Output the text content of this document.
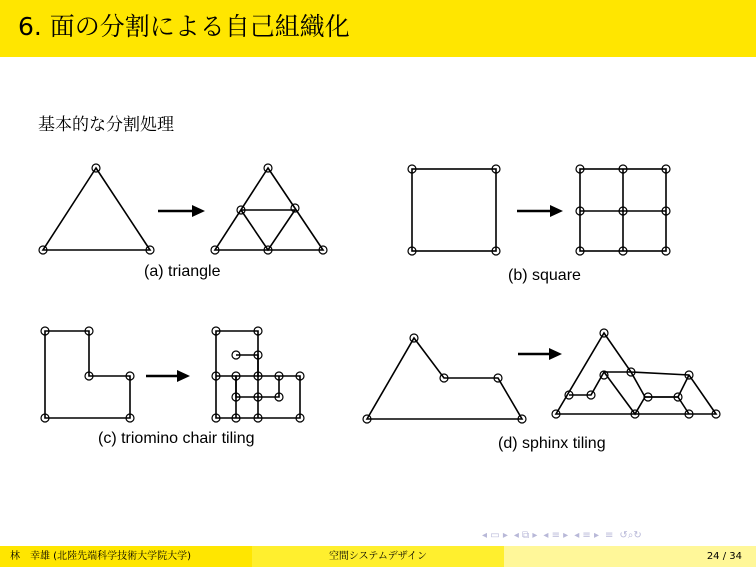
6. 面の分割による自己組織化
基本的な分割処理
(a) triangle	(b) square
(c) triomino chair tiling	(d) sphinx tiling
◂ ▭ ▸ ◂ ⧉ ▸ ◂ ≡ ▸ ◂ ≡ ▸ ≡ ↺⌕↻
林　幸雄 (北陸先端科学技術大学院大学)	空間システムデザイン	24 / 34
